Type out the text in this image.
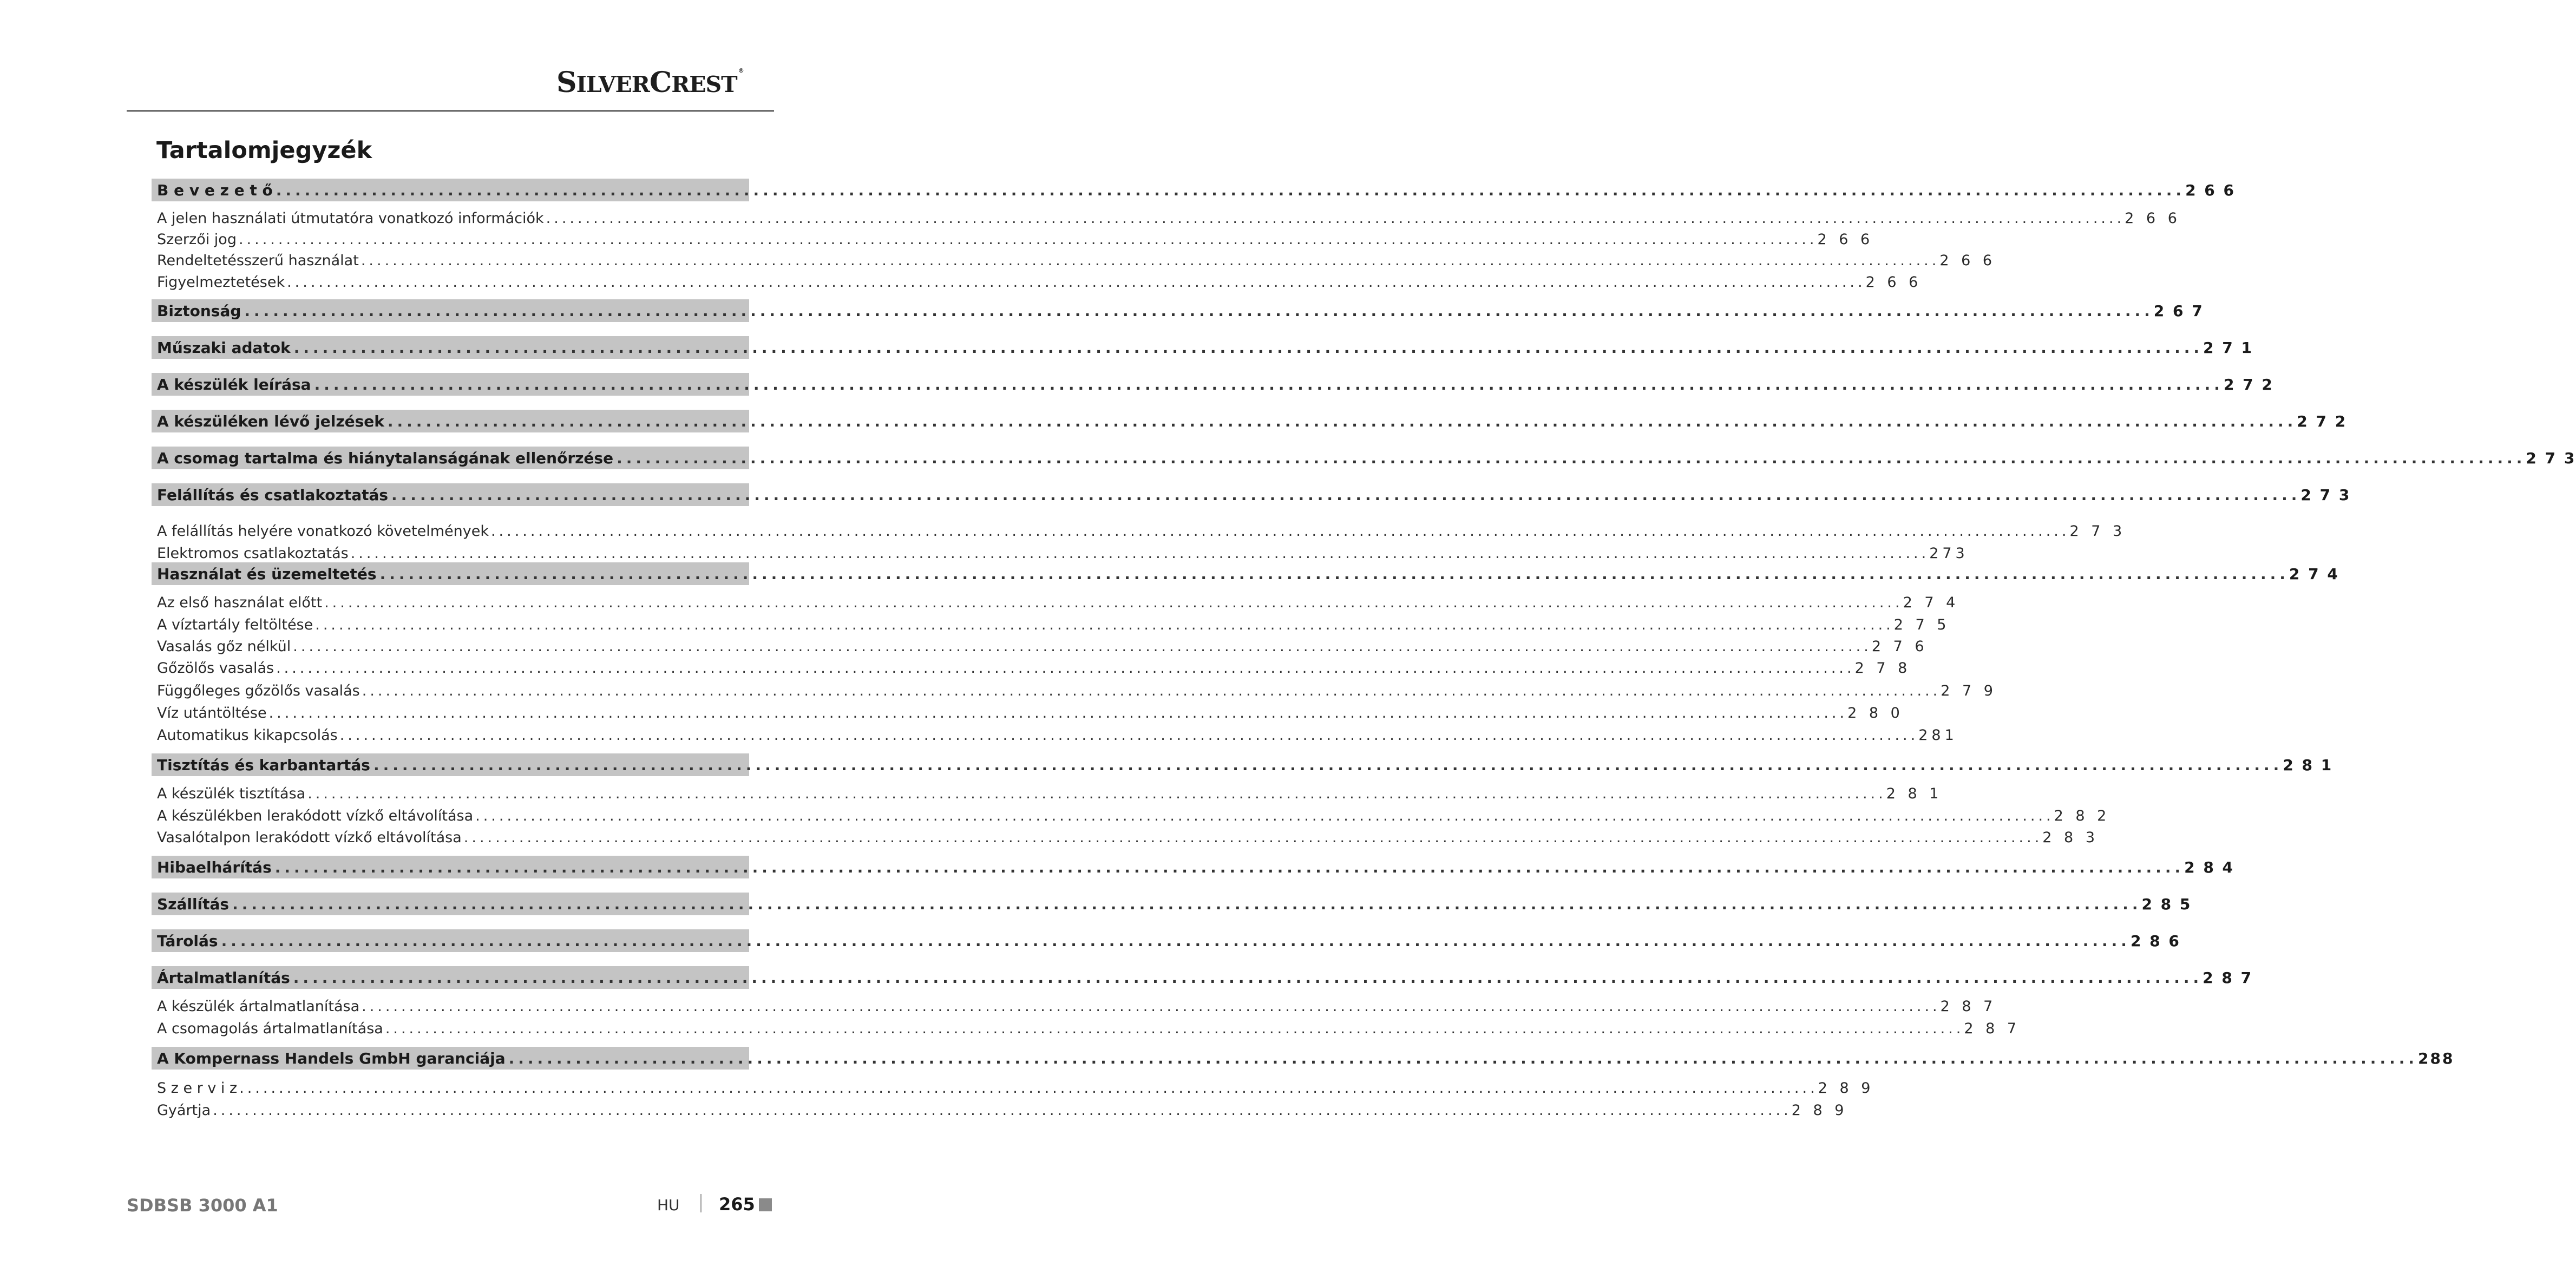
SILVERCREST®
Tartalomjegyzék
B e v e z e t ő ........................................................................................................................................................................................................ 2 6 6
A jelen használati útmutatóra vonatkozó információk ........................................................................................................................................................................................................ 2 6 6
Szerzői jog ........................................................................................................................................................................................................ 2 6 6
Rendeltetésszerű használat ........................................................................................................................................................................................................ 2 6 6
Figyelmeztetések ........................................................................................................................................................................................................ 2 6 6
Biztonság ........................................................................................................................................................................................................ 2 6 7
Műszaki adatok ........................................................................................................................................................................................................ 2 7 1
A készülék leírása ........................................................................................................................................................................................................ 2 7 2
A készüléken lévő jelzések ........................................................................................................................................................................................................ 2 7 2
A csomag tartalma és hiánytalanságának ellenőrzése ........................................................................................................................................................................................................ 2 7 3
Felállítás és csatlakoztatás ........................................................................................................................................................................................................ 2 7 3
A felállítás helyére vonatkozó követelmények ........................................................................................................................................................................................................ 2 7 3
Elektromos csatlakoztatás ........................................................................................................................................................................................................ 273
Használat és üzemeltetés ........................................................................................................................................................................................................ 2 7 4
Az első használat előtt ........................................................................................................................................................................................................ 2 7 4
A víztartály feltöltése ........................................................................................................................................................................................................ 2 7 5
Vasalás gőz nélkül ........................................................................................................................................................................................................ 2 7 6
Gőzölős vasalás ........................................................................................................................................................................................................ 2 7 8
Függőleges gőzölős vasalás ........................................................................................................................................................................................................ 2 7 9
Víz utántöltése ........................................................................................................................................................................................................ 2 8 0
Automatikus kikapcsolás ........................................................................................................................................................................................................ 281
Tisztítás és karbantartás ........................................................................................................................................................................................................ 2 8 1
A készülék tisztítása ........................................................................................................................................................................................................ 2 8 1
A készülékben lerakódott vízkő eltávolítása ........................................................................................................................................................................................................ 2 8 2
Vasalótalpon lerakódott vízkő eltávolítása ........................................................................................................................................................................................................ 2 8 3
Hibaelhárítás ........................................................................................................................................................................................................ 2 8 4
Szállítás ........................................................................................................................................................................................................ 2 8 5
Tárolás ........................................................................................................................................................................................................ 2 8 6
Ártalmatlanítás ........................................................................................................................................................................................................ 2 8 7
A készülék ártalmatlanítása ........................................................................................................................................................................................................ 2 8 7
A csomagolás ártalmatlanítása ........................................................................................................................................................................................................ 2 8 7
A Kompernass Handels GmbH garanciája ........................................................................................................................................................................................................ 288
S z e r v i z ........................................................................................................................................................................................................ 2 8 9
Gyártja ........................................................................................................................................................................................................ 2 8 9
SDBSB 3000 A1	HU 265
